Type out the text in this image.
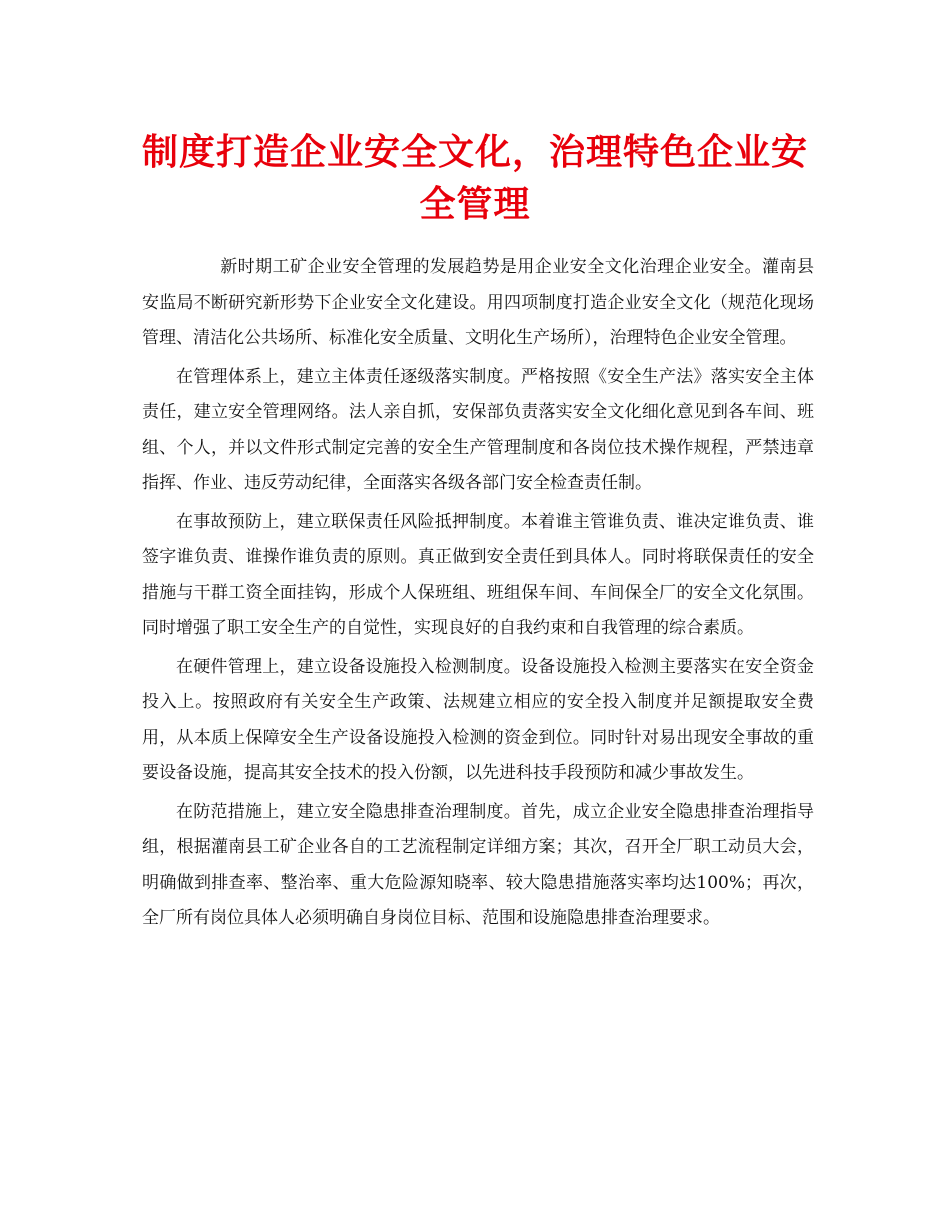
制度打造企业安全文化，治理特色企业安全管理

新时期工矿企业安全管理的发展趋势是用企业安全文化治理企业安全。灌南县安监局不断研究新形势下企业安全文化建设。用四项制度打造企业安全文化（规范化现场管理、清洁化公共场所、标准化安全质量、文明化生产场所），治理特色企业安全管理。

在管理体系上，建立主体责任逐级落实制度。严格按照《安全生产法》落实安全主体责任，建立安全管理网络。法人亲自抓，安保部负责落实安全文化细化意见到各车间、班组、个人，并以文件形式制定完善的安全生产管理制度和各岗位技术操作规程，严禁违章指挥、作业、违反劳动纪律，全面落实各级各部门安全检查责任制。

在事故预防上，建立联保责任风险抵押制度。本着谁主管谁负责、谁决定谁负责、谁签字谁负责、谁操作谁负责的原则。真正做到安全责任到具体人。同时将联保责任的安全措施与干群工资全面挂钩，形成个人保班组、班组保车间、车间保全厂的安全文化氛围。同时增强了职工安全生产的自觉性，实现良好的自我约束和自我管理的综合素质。

在硬件管理上，建立设备设施投入检测制度。设备设施投入检测主要落实在安全资金投入上。按照政府有关安全生产政策、法规建立相应的安全投入制度并足额提取安全费用，从本质上保障安全生产设备设施投入检测的资金到位。同时针对易出现安全事故的重要设备设施，提高其安全技术的投入份额，以先进科技手段预防和减少事故发生。

在防范措施上，建立安全隐患排查治理制度。首先，成立企业安全隐患排查治理指导组，根据灌南县工矿企业各自的工艺流程制定详细方案；其次，召开全厂职工动员大会，明确做到排查率、整治率、重大危险源知晓率、较大隐患措施落实率均达100%；再次，全厂所有岗位具体人必须明确自身岗位目标、范围和设施隐患排查治理要求。
